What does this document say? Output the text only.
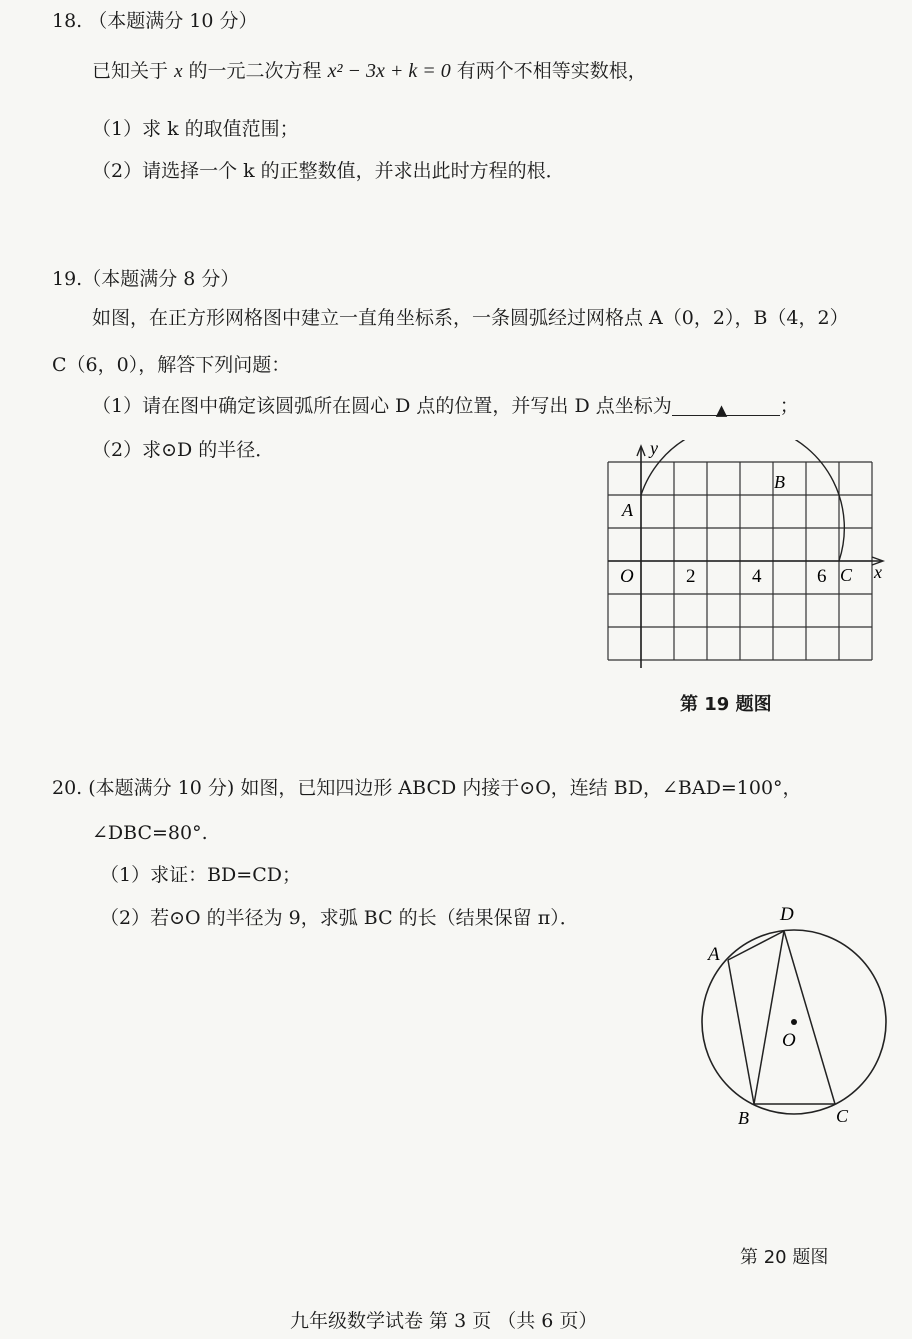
18. （本题满分 10 分）
已知关于 x 的一元二次方程 x² − 3x + k = 0 有两个不相等实数根，
（1）求 k 的取值范围；
（2）请选择一个 k 的正整数值，并求出此时方程的根．
19.（本题满分 8 分）
如图，在正方形网格图中建立一直角坐标系，一条圆弧经过网格点 A（0，2），B（4，2）
C（6，0），解答下列问题：
（1）请在图中确定该圆弧所在圆心 D 点的位置，并写出 D 点坐标为	▲	；
（2）求⊙D 的半径．	y
x
O	2	4	6
A
B
C
第 19 题图
20. (本题满分 10 分) 如图，已知四边形 ABCD 内接于⊙O，连结 BD，∠BAD=100°，
∠DBC=80°.
（1）求证：BD=CD；
（2）若⊙O 的半径为 9，求弧 BC 的长（结果保留 π）．	D
A
O
B	C
第 20 题图
九年级数学试卷 第 3 页 （共 6 页）
